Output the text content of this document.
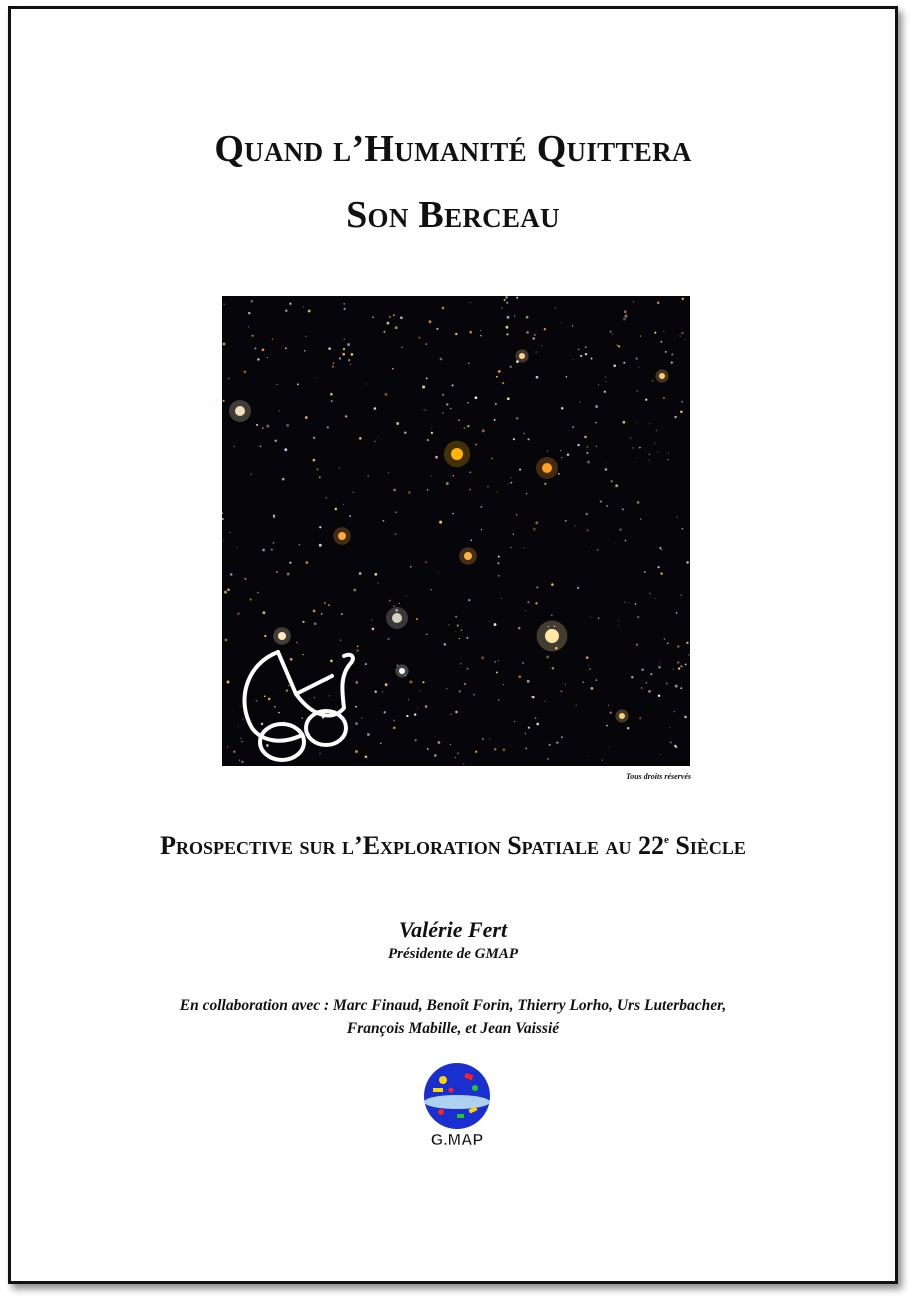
Quand l’Humanité Quittera
Son Berceau
Tous droits réservés
Prospective sur l’Exploration Spatiale au 22e Siècle
Valérie Fert
Présidente de GMAP
En collaboration avec : Marc Finaud, Benoît Forin, Thierry Lorho, Urs Luterbacher,
François Mabille, et Jean Vaissié
G.MAP
